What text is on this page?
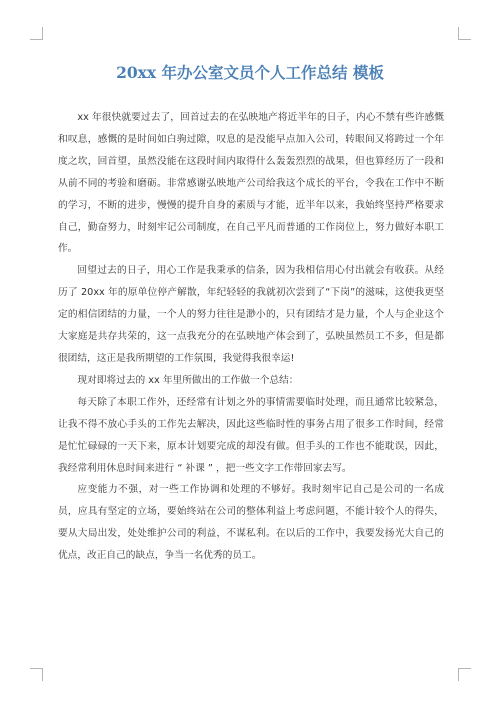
20xx 年办公室文员个人工作总结 模板

xx 年很快就要过去了，回首过去的在弘映地产将近半年的日子，内心不禁有些许感慨和叹息，感慨的是时间如白驹过隙，叹息的是没能早点加入公司，转眼间又将跨过一个年度之坎，回首望，虽然没能在这段时间内取得什么轰轰烈烈的战果，但也算经历了一段和从前不同的考验和磨砺。非常感谢弘映地产公司给我这个成长的平台，令我在工作中不断的学习，不断的进步，慢慢的提升自身的素质与才能，近半年以来，我始终坚持严格要求自己，勤奋努力，时刻牢记公司制度，在自己平凡而普通的工作岗位上，努力做好本职工作。

回望过去的日子，用心工作是我秉承的信条，因为我相信用心付出就会有收获。从经历了 20xx 年的原单位停产解散，年纪轻轻的我就初次尝到了“下岗”的滋味，这使我更坚定的相信团结的力量，一个人的努力往往是渺小的，只有团结才是力量，个人与企业这个大家庭是共存共荣的，这一点我充分的在弘映地产体会到了，弘映虽然员工不多，但是都很团结，这正是我所期望的工作氛围，我觉得我很幸运!

现对即将过去的 xx 年里所做出的工作做一个总结：

每天除了本职工作外，还经常有计划之外的事情需要临时处理，而且通常比较紧急，让我不得不放心手头的工作先去解决，因此这些临时性的事务占用了很多工作时间，经常是忙忙碌碌的一天下来，原本计划要完成的却没有做。但手头的工作也不能耽误，因此，我经常利用休息时间来进行 “ 补课 ” ，把一些文字工作带回家去写。

应变能力不强，对一些工作协调和处理的不够好。我时刻牢记自己是公司的一名成员，应具有坚定的立场，要始终站在公司的整体利益上考虑问题，不能计较个人的得失，要从大局出发，处处维护公司的利益，不谋私利。在以后的工作中，我要发扬光大自己的优点，改正自己的缺点，争当一名优秀的员工。
